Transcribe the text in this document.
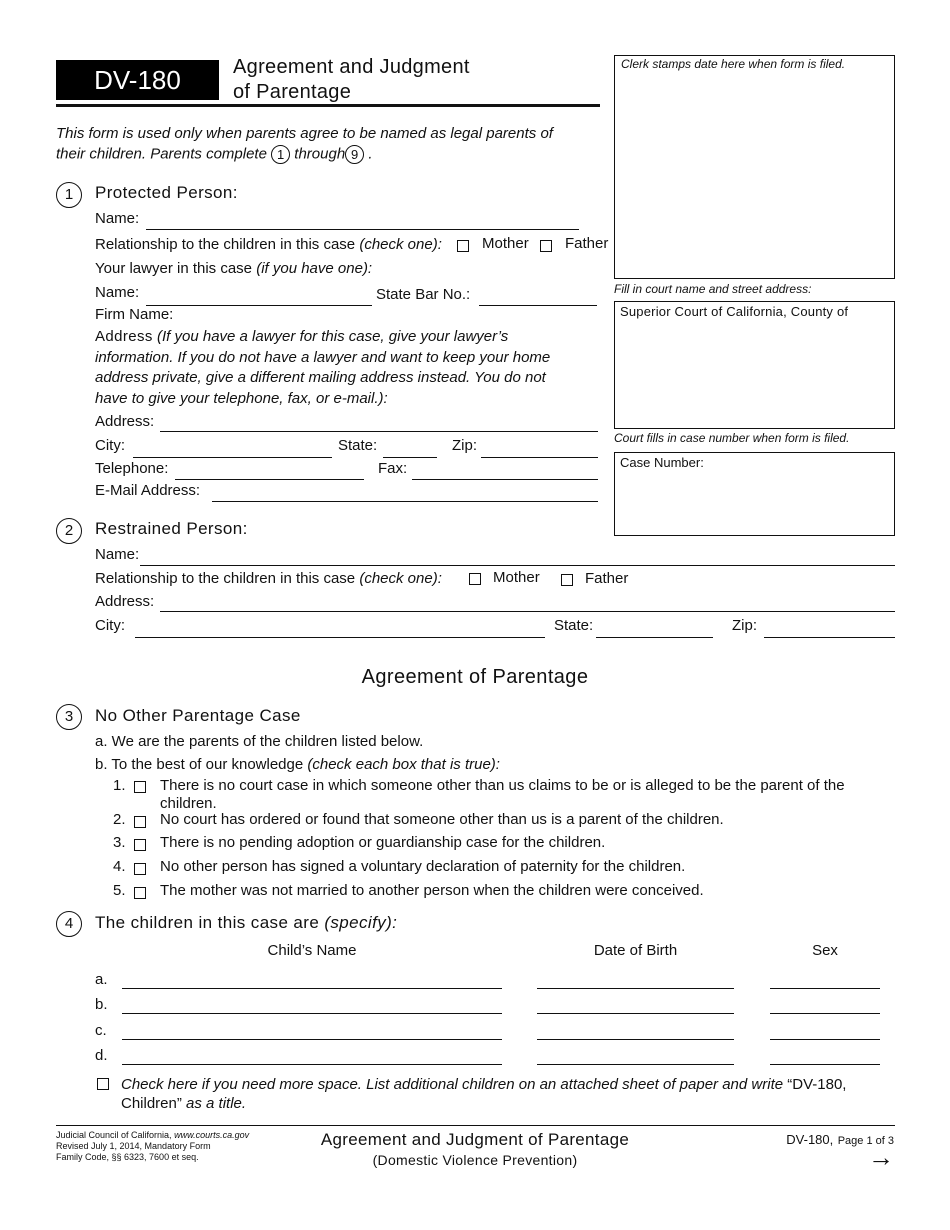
DV-180	Agreement and Judgment
of Parentage
This form is used only when parents agree to be named as legal parents of
their children. Parents complete 1 through 9 .
Clerk stamps date here when form is filed.
Fill in court name and street address:
Superior Court of California, County of
Court fills in case number when form is filed.
Case Number:
1	Protected Person:
Name:
Relationship to the children in this case (check one):	Mother Father
Your lawyer in this case (if you have one):
Name:	State Bar No.:
Firm Name:
Address (If you have a lawyer for this case, give your lawyer’s
information. If you do not have a lawyer and want to keep your home
address private, give a different mailing address instead. You do not
have to give your telephone, fax, or e-mail.):
Address:
City:	State:	Zip:
Telephone:	Fax:
E-Mail Address:
2	Restrained Person:
Name:
Relationship to the children in this case (check one):	Mother	Father
Address:
City:	State:	Zip:
Agreement of Parentage
3	No Other Parentage Case
a. We are the parents of the children listed below.
b. To the best of our knowledge (check each box that is true):
1. There is no court case in which someone other than us claims to be or is alleged to be the parent of the
children.
2. No court has ordered or found that someone other than us is a parent of the children.
3. There is no pending adoption or guardianship case for the children.
4. No other person has signed a voluntary declaration of paternity for the children.
5. The mother was not married to another person when the children were conceived.
4	The children in this case are (specify):
Child’s Name	Date of Birth	Sex
a.
b.
c.
d.
Check here if you need more space. List additional children on an attached sheet of paper and write “DV-180,
Children” as a title.
Judicial Council of California, www.courts.ca.gov
Revised July 1, 2014, Mandatory Form
Family Code, §§ 6323, 7600 et seq.
Agreement and Judgment of Parentage
(Domestic Violence Prevention)
DV-180, Page 1 of 3
→
